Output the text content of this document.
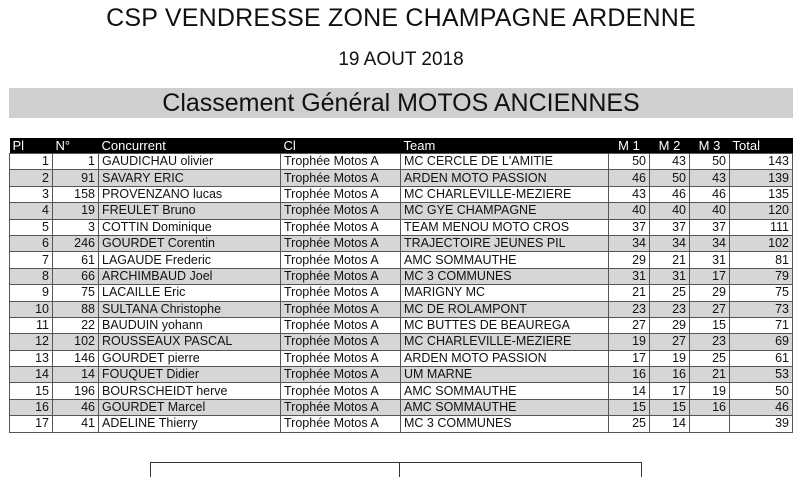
CSP VENDRESSE ZONE CHAMPAGNE ARDENNE
19 AOUT 2018
Classement Général MOTOS ANCIENNES
Pl	N°	Concurrent	Cl	Team	M 1	M 2	M 3	Total
1	1	GAUDICHAU olivier	Trophée Motos A	MC CERCLE DE L'AMITIE	50	43	50	143
2	91	SAVARY ERIC	Trophée Motos A	ARDEN MOTO PASSION	46	50	43	139
3	158	PROVENZANO lucas	Trophée Motos A	MC CHARLEVILLE-MEZIERE	43	46	46	135
4	19	FREULET Bruno	Trophée Motos A	MC GYE CHAMPAGNE	40	40	40	120
5	3	COTTIN Dominique	Trophée Motos A	TEAM MENOU MOTO CROS	37	37	37	111
6	246	GOURDET Corentin	Trophée Motos A	TRAJECTOIRE JEUNES PIL	34	34	34	102
7	61	LAGAUDE Frederic	Trophée Motos A	AMC SOMMAUTHE	29	21	31	81
8	66	ARCHIMBAUD Joel	Trophée Motos A	MC 3 COMMUNES	31	31	17	79
9	75	LACAILLE Eric	Trophée Motos A	MARIGNY MC	21	25	29	75
10	88	SULTANA Christophe	Trophée Motos A	MC DE ROLAMPONT	23	23	27	73
11	22	BAUDUIN yohann	Trophée Motos A	MC BUTTES DE BEAUREGA	27	29	15	71
12	102	ROUSSEAUX PASCAL	Trophée Motos A	MC CHARLEVILLE-MEZIERE	19	27	23	69
13	146	GOURDET pierre	Trophée Motos A	ARDEN MOTO PASSION	17	19	25	61
14	14	FOUQUET Didier	Trophée Motos A	UM MARNE	16	16	21	53
15	196	BOURSCHEIDT herve	Trophée Motos A	AMC SOMMAUTHE	14	17	19	50
16	46	GOURDET Marcel	Trophée Motos A	AMC SOMMAUTHE	15	15	16	46
17	41	ADELINE Thierry	Trophée Motos A	MC 3 COMMUNES	25	14		39
